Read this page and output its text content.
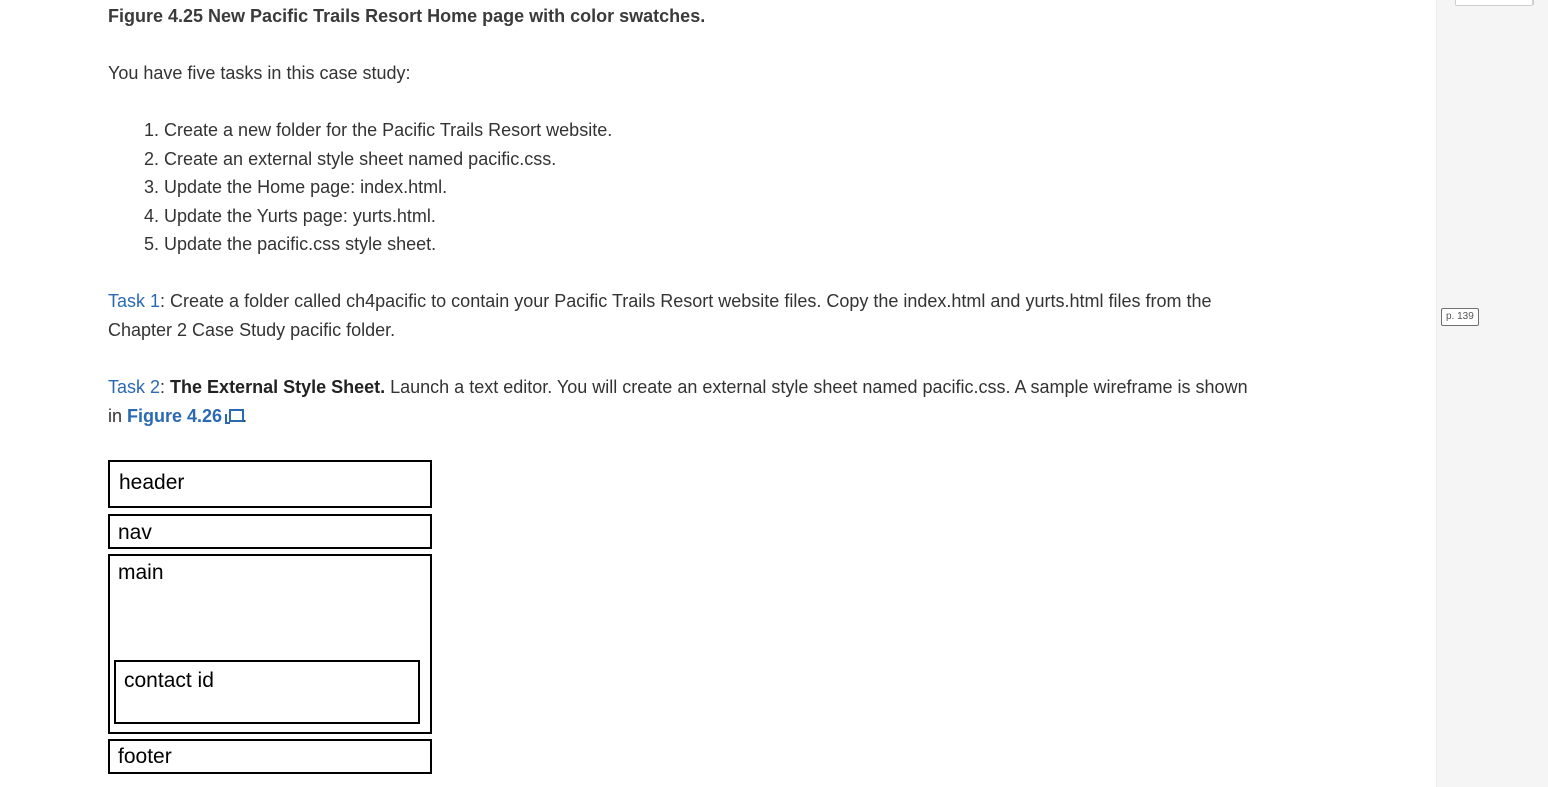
Figure 4.25 New Pacific Trails Resort Home page with color swatches.
You have five tasks in this case study:
1. Create a new folder for the Pacific Trails Resort website.
2. Create an external style sheet named pacific.css.
3. Update the Home page: index.html.
4. Update the Yurts page: yurts.html.
5. Update the pacific.css style sheet.
Task 1: Create a folder called ch4pacific to contain your Pacific Trails Resort website files. Copy the index.html and yurts.html files from the
Chapter 2 Case Study pacific folder.
Task 2: The External Style Sheet. Launch a text editor. You will create an external style sheet named pacific.css. A sample wireframe is shown
in Figure 4.26 .
header
nav
main
contact id
footer
p. 139
